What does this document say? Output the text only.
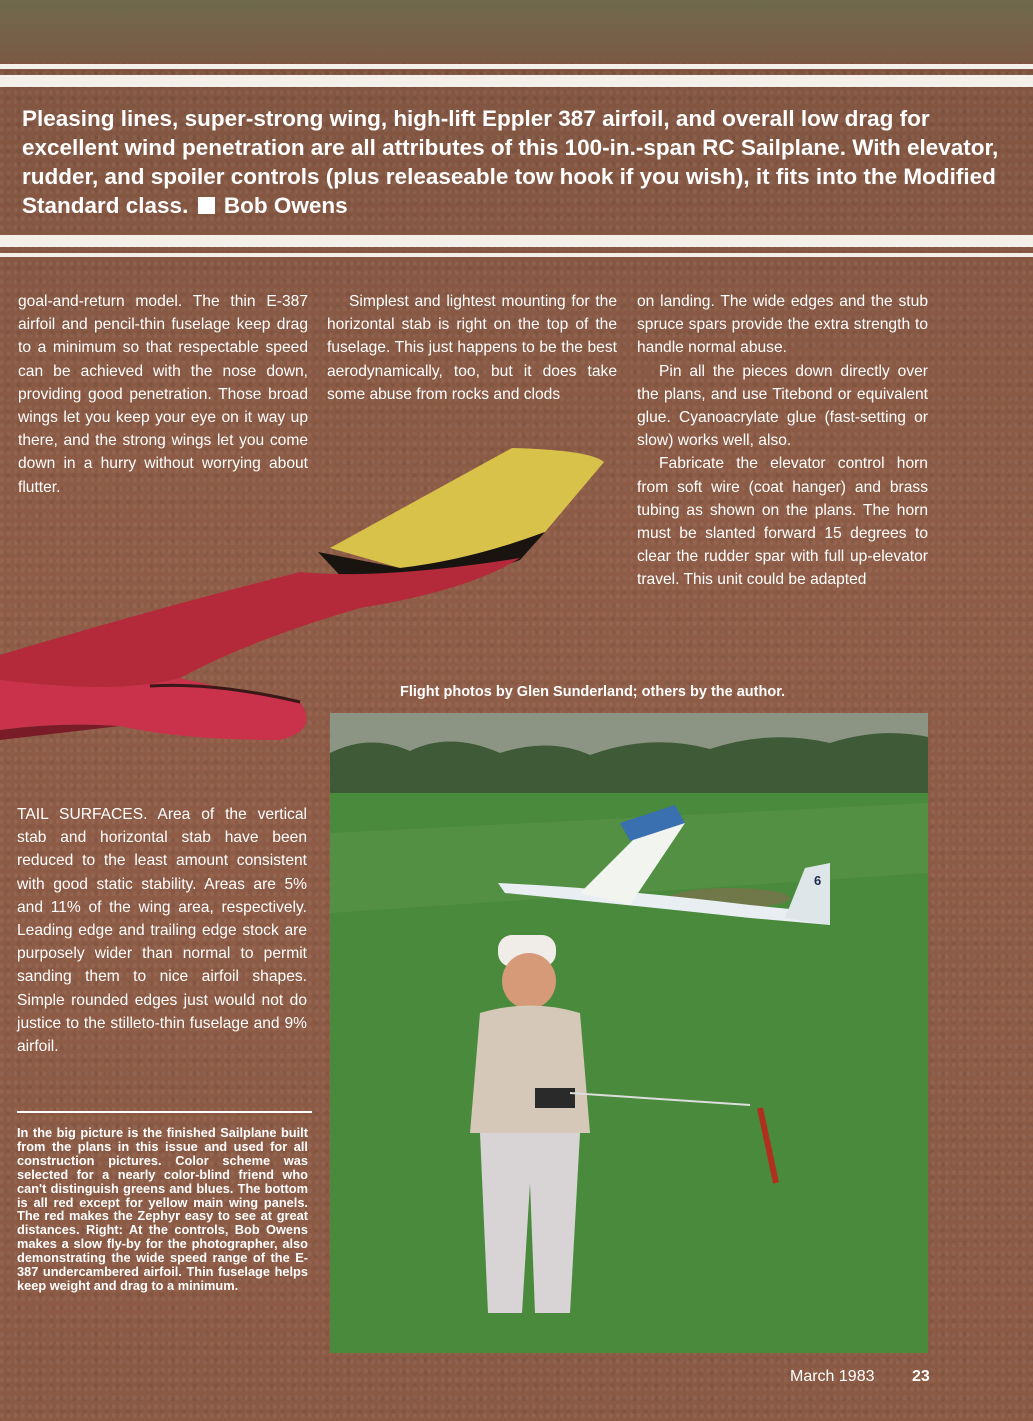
Pleasing lines, super-strong wing, high-lift Eppler 387 airfoil, and overall low drag for excellent wind penetration are all attributes of this 100-in.-span RC Sailplane. With elevator, rudder, and spoiler controls (plus releaseable tow hook if you wish), it fits into the Modified Standard class. Bob Owens

goal-and-return model. The thin E-387 airfoil and pencil-thin fuselage keep drag to a minimum so that respectable speed can be achieved with the nose down, providing good penetration. Those broad wings let you keep your eye on it way up there, and the strong wings let you come down in a hurry without worrying about flutter.

TAIL SURFACES. Area of the vertical stab and horizontal stab have been reduced to the least amount consistent with good static stability. Areas are 5% and 11% of the wing area, respectively. Leading edge and trailing edge stock are purposely wider than normal to permit sanding them to nice airfoil shapes. Simple rounded edges just would not do justice to the stilleto-thin fuselage and 9% airfoil.

Simplest and lightest mounting for the horizontal stab is right on the top of the fuselage. This just happens to be the best aerodynamically, too, but it does take some abuse from rocks and clods

on landing. The wide edges and the stub spruce spars provide the extra strength to handle normal abuse.

Pin all the pieces down directly over the plans, and use Titebond or equivalent glue. Cyanoacrylate glue (fast-setting or slow) works well, also.

Fabricate the elevator control horn from soft wire (coat hanger) and brass tubing as shown on the plans. The horn must be slanted forward 15 degrees to clear the rudder spar with full up-elevator travel. This unit could be adapted

Flight photos by Glen Sunderland; others by the author.
6
In the big picture is the finished Sailplane built from the plans in this issue and used for all construction pictures. Color scheme was selected for a nearly color-blind friend who can't distinguish greens and blues. The bottom is all red except for yellow main wing panels. The red makes the Zephyr easy to see at great distances. Right: At the controls, Bob Owens makes a slow fly-by for the photographer, also demonstrating the wide speed range of the E-387 undercambered airfoil. Thin fuselage helps keep weight and drag to a minimum.
March 1983 23
